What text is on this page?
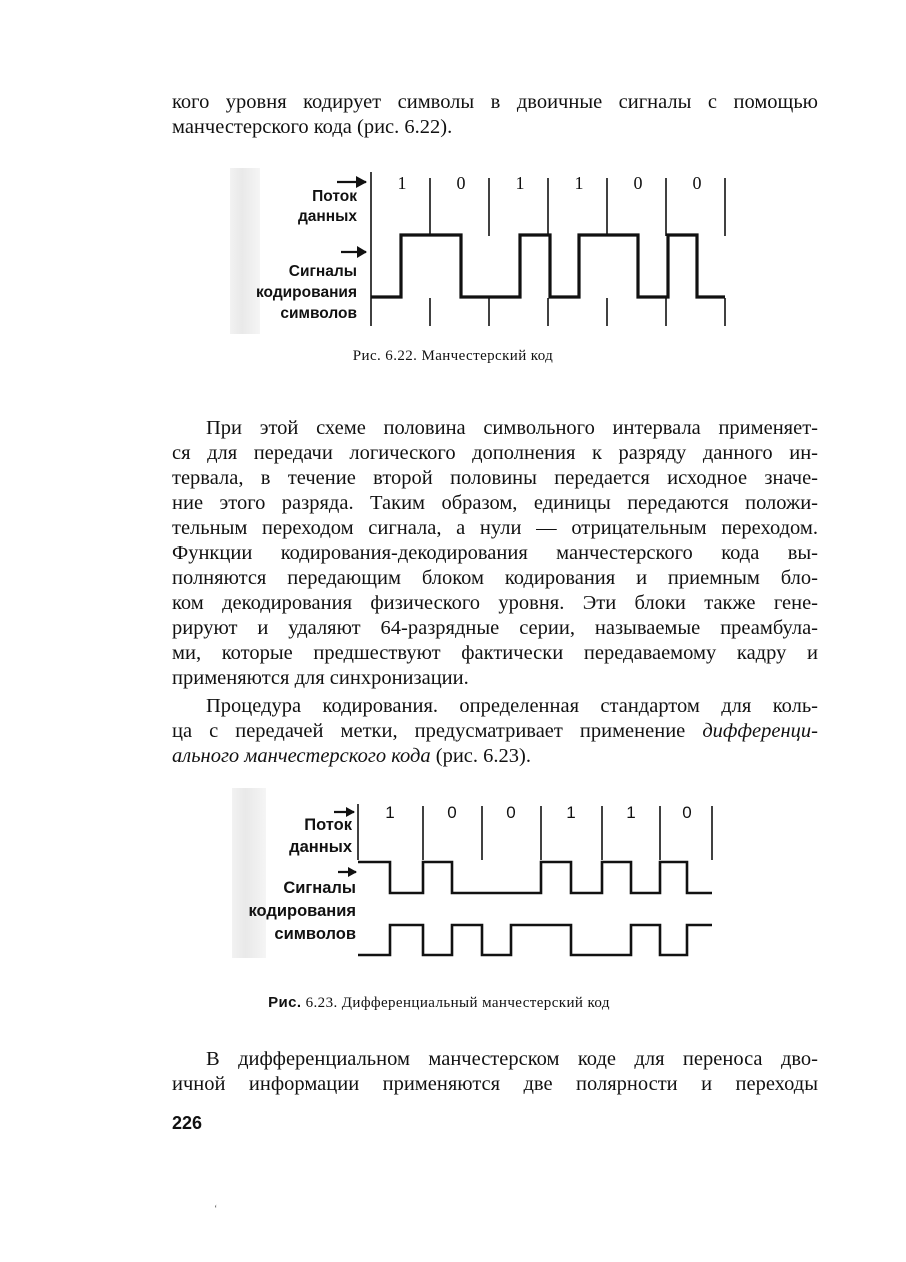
кого уровня кодирует символы в двоичные сигналы с помощью
манчестерского кода (рис. 6.22).
Поток
данных
Сигналы
кодирования
символов
1	0	1	1	0	0
Рис. 6.22. Манчестерский код
При этой схеме половина символьного интервала применяет-
ся для передачи логического дополнения к разряду данного ин-
тервала, в течение второй половины передается исходное значе-
ние этого разряда. Таким образом, единицы передаются положи-
тельным переходом сигнала, а нули — отрицательным переходом.
Функции кодирования-декодирования манчестерского кода вы-
полняются передающим блоком кодирования и приемным бло-
ком декодирования физического уровня. Эти блоки также гене-
рируют и удаляют 64-разрядные серии, называемые преамбула-
ми, которые предшествуют фактически передаваемому кадру и
применяются для синхронизации.
Процедура кодирования. определенная стандартом для коль-
ца с передачей метки, предусматривает применение дифференци-
ального манчестерского кода (рис. 6.23).
Поток
данных
Сигналы
кодирования
символов
1	0	0	1	1	0
Рис. 6.23. Дифференциальный манчестерский код
В дифференциальном манчестерском коде для переноса дво-
ичной информации применяются две полярности и переходы
226
‘
